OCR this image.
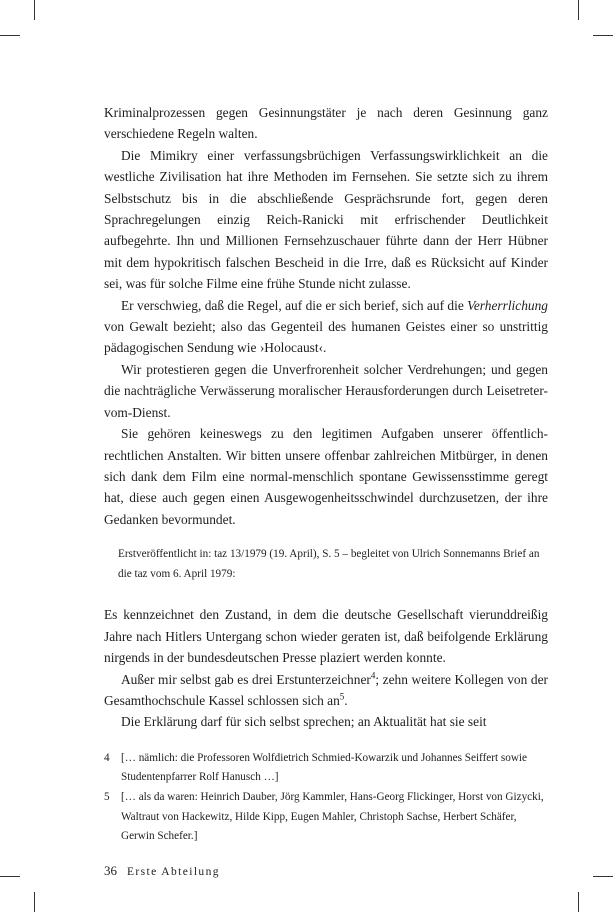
Kriminalprozessen gegen Gesinnungstäter je nach deren Gesinnung ganz verschiedene Regeln walten.

Die Mimikry einer verfassungsbrüchigen Verfassungswirklichkeit an die westliche Zivilisation hat ihre Methoden im Fernsehen. Sie setzte sich zu ihrem Selbstschutz bis in die abschließende Gesprächsrunde fort, gegen deren Sprachregelungen einzig Reich-Ranicki mit erfrischender Deutlichkeit aufbegehrte. Ihn und Millionen Fernsehzuschauer führte dann der Herr Hübner mit dem hypokritisch falschen Bescheid in die Irre, daß es Rücksicht auf Kinder sei, was für solche Filme eine frühe Stunde nicht zulasse.

Er verschwieg, daß die Regel, auf die er sich berief, sich auf die Verherrlichung von Gewalt bezieht; also das Gegenteil des humanen Geistes einer so unstrittig pädagogischen Sendung wie ›Holocaust‹.

Wir protestieren gegen die Unverfrorenheit solcher Verdrehungen; und gegen die nachträgliche Verwässerung moralischer Herausforderungen durch Leisetreter-vom-Dienst.

Sie gehören keineswegs zu den legitimen Aufgaben unserer öffentlich-rechtlichen Anstalten. Wir bitten unsere offenbar zahlreichen Mitbürger, in denen sich dank dem Film eine normal-menschlich spontane Gewissensstimme geregt hat, diese auch gegen einen Ausgewogenheitsschwindel durchzusetzen, der ihre Gedanken bevormundet.

Erstveröffentlicht in: taz 13/1979 (19. April), S. 5 – begleitet von Ulrich Sonnemanns Brief an die taz vom 6. April 1979:

Es kennzeichnet den Zustand, in dem die deutsche Gesellschaft vierunddreißig Jahre nach Hitlers Untergang schon wieder geraten ist, daß beifolgende Erklärung nirgends in der bundesdeutschen Presse plaziert werden konnte.

Außer mir selbst gab es drei Erstunterzeichner$^4$; zehn weitere Kollegen von der Gesamthochschule Kassel schlossen sich $an^5$.

Die Erklärung darf für sich selbst sprechen; an Aktualität hat sie seit

4	[… nämlich: die Professoren Wolfdietrich Schmied-Kowarzik und Johannes Seiffert sowie Studentenpfarrer Rolf Hanusch …]
5	[… als da waren: Heinrich Dauber, Jörg Kammler, Hans-Georg Flickinger, Horst von Gizycki, Waltraut von Hackewitz, Hilde Kipp, Eugen Mahler, Christoph Sachse, Herbert Schäfer, Gerwin Schefer.]
36 Erste Abteilung
